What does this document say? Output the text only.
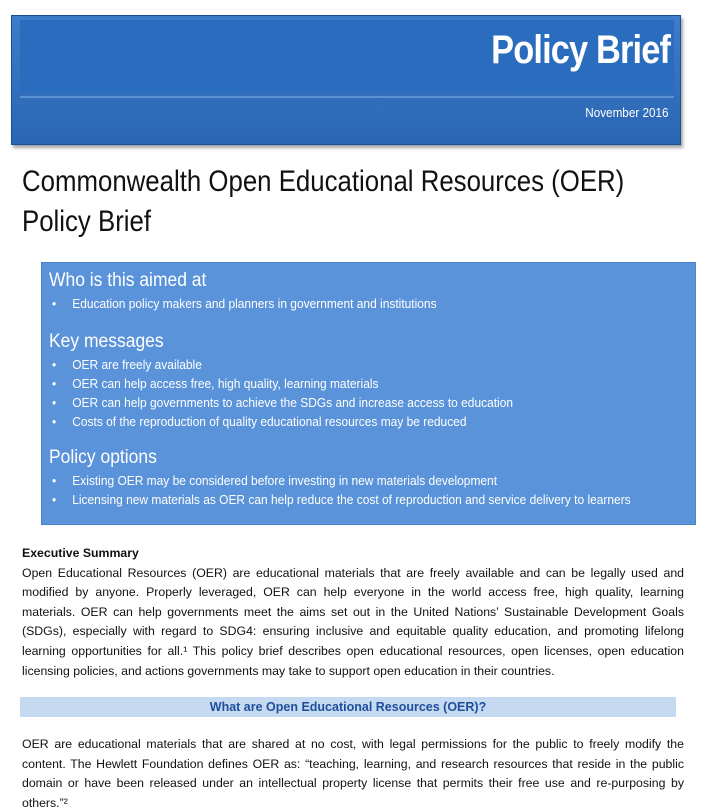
Policy Brief
November 2016
Commonwealth Open Educational Resources (OER)
Policy Brief
Who is this aimed at
• Education policy makers and planners in government and institutions
Key messages
• OER are freely available
• OER can help access free, high quality, learning materials
• OER can help governments to achieve the SDGs and increase access to education
• Costs of the reproduction of quality educational resources may be reduced
Policy options
• Existing OER may be considered before investing in new materials development
• Licensing new materials as OER can help reduce the cost of reproduction and service delivery to learners
Executive Summary

Open Educational Resources (OER) are educational materials that are freely available and can be legally used and modified by anyone. Properly leveraged, OER can help everyone in the world access free, high quality, learning materials. OER can help governments meet the aims set out in the United Nations’ Sustainable Development Goals (SDGs), especially with regard to SDG4: ensuring inclusive and equitable quality education, and promoting lifelong learning opportunities for all.¹ This policy brief describes open educational resources, open licenses, open education licensing policies, and actions governments may take to support open education in their countries.

What are Open Educational Resources (OER)?

OER are educational materials that are shared at no cost, with legal permissions for the public to freely modify the content. The Hewlett Foundation defines OER as: “teaching, learning, and research resources that reside in the public domain or have been released under an intellectual property license that permits their free use and re-purposing by others.”²
